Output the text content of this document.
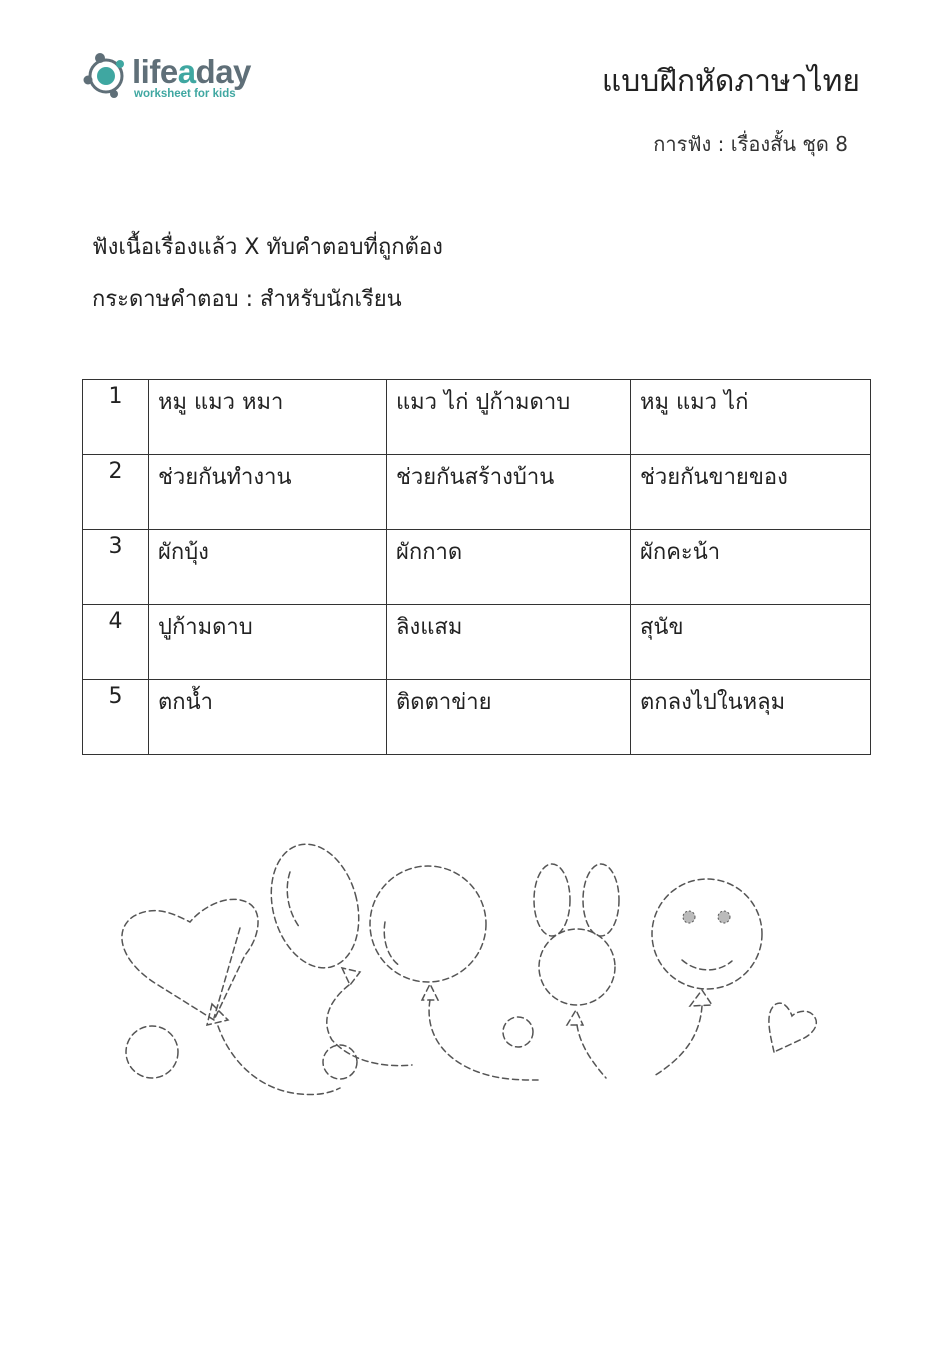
lifeaday
worksheet for kids	แบบฝึกหัดภาษาไทย
การฟัง : เรื่องสั้น ชุด 8
ฟังเนื้อเรื่องแล้ว X ทับคำตอบที่ถูกต้อง
กระดาษคำตอบ : สำหรับนักเรียน
1	หมู แมว หมา	แมว ไก่ ปูก้ามดาบ	หมู แมว ไก่
2	ช่วยกันทำงาน	ช่วยกันสร้างบ้าน	ช่วยกันขายของ
3	ผักบุ้ง	ผักกาด	ผักคะน้า
4	ปูก้ามดาบ	ลิงแสม	สุนัข
5	ตกน้ำ	ติดตาข่าย	ตกลงไปในหลุม
